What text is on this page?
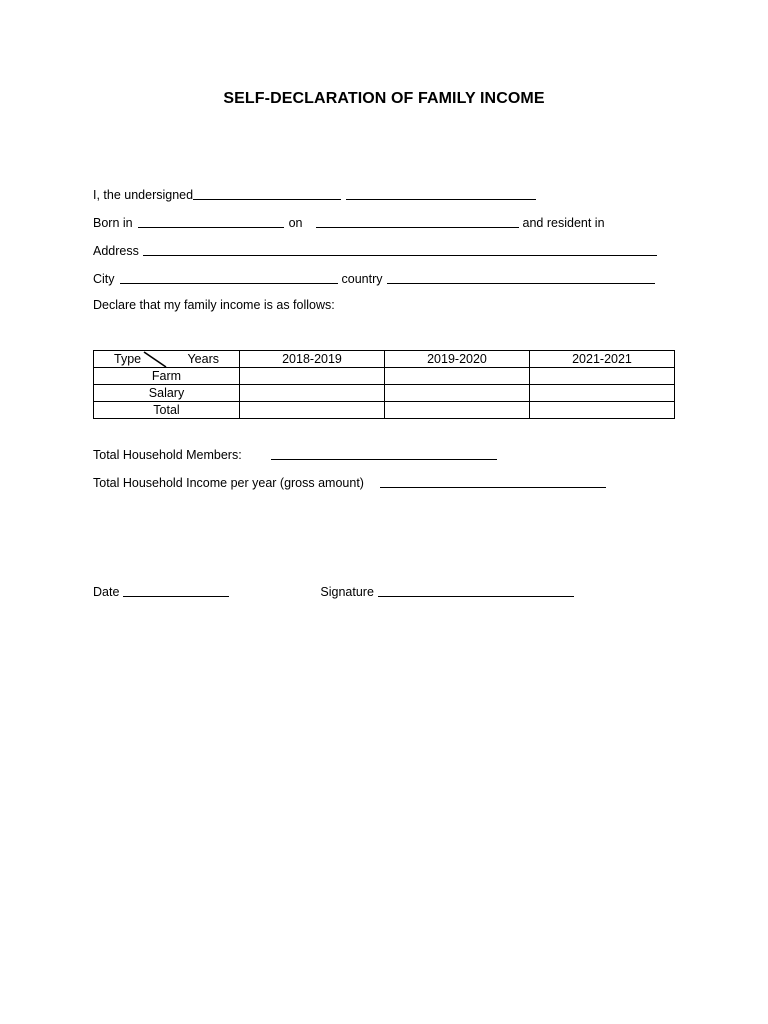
SELF-DECLARATION OF FAMILY INCOME
I, the undersigned
Born in	on	and resident in
Address
City	country
Declare that my family income is as follows:
Type Years	2018-2019	2019-2020	2021-2021
Farm			
Salary			
Total			
Total Household Members:
Total Household Income per year (gross amount)
Date	Signature
